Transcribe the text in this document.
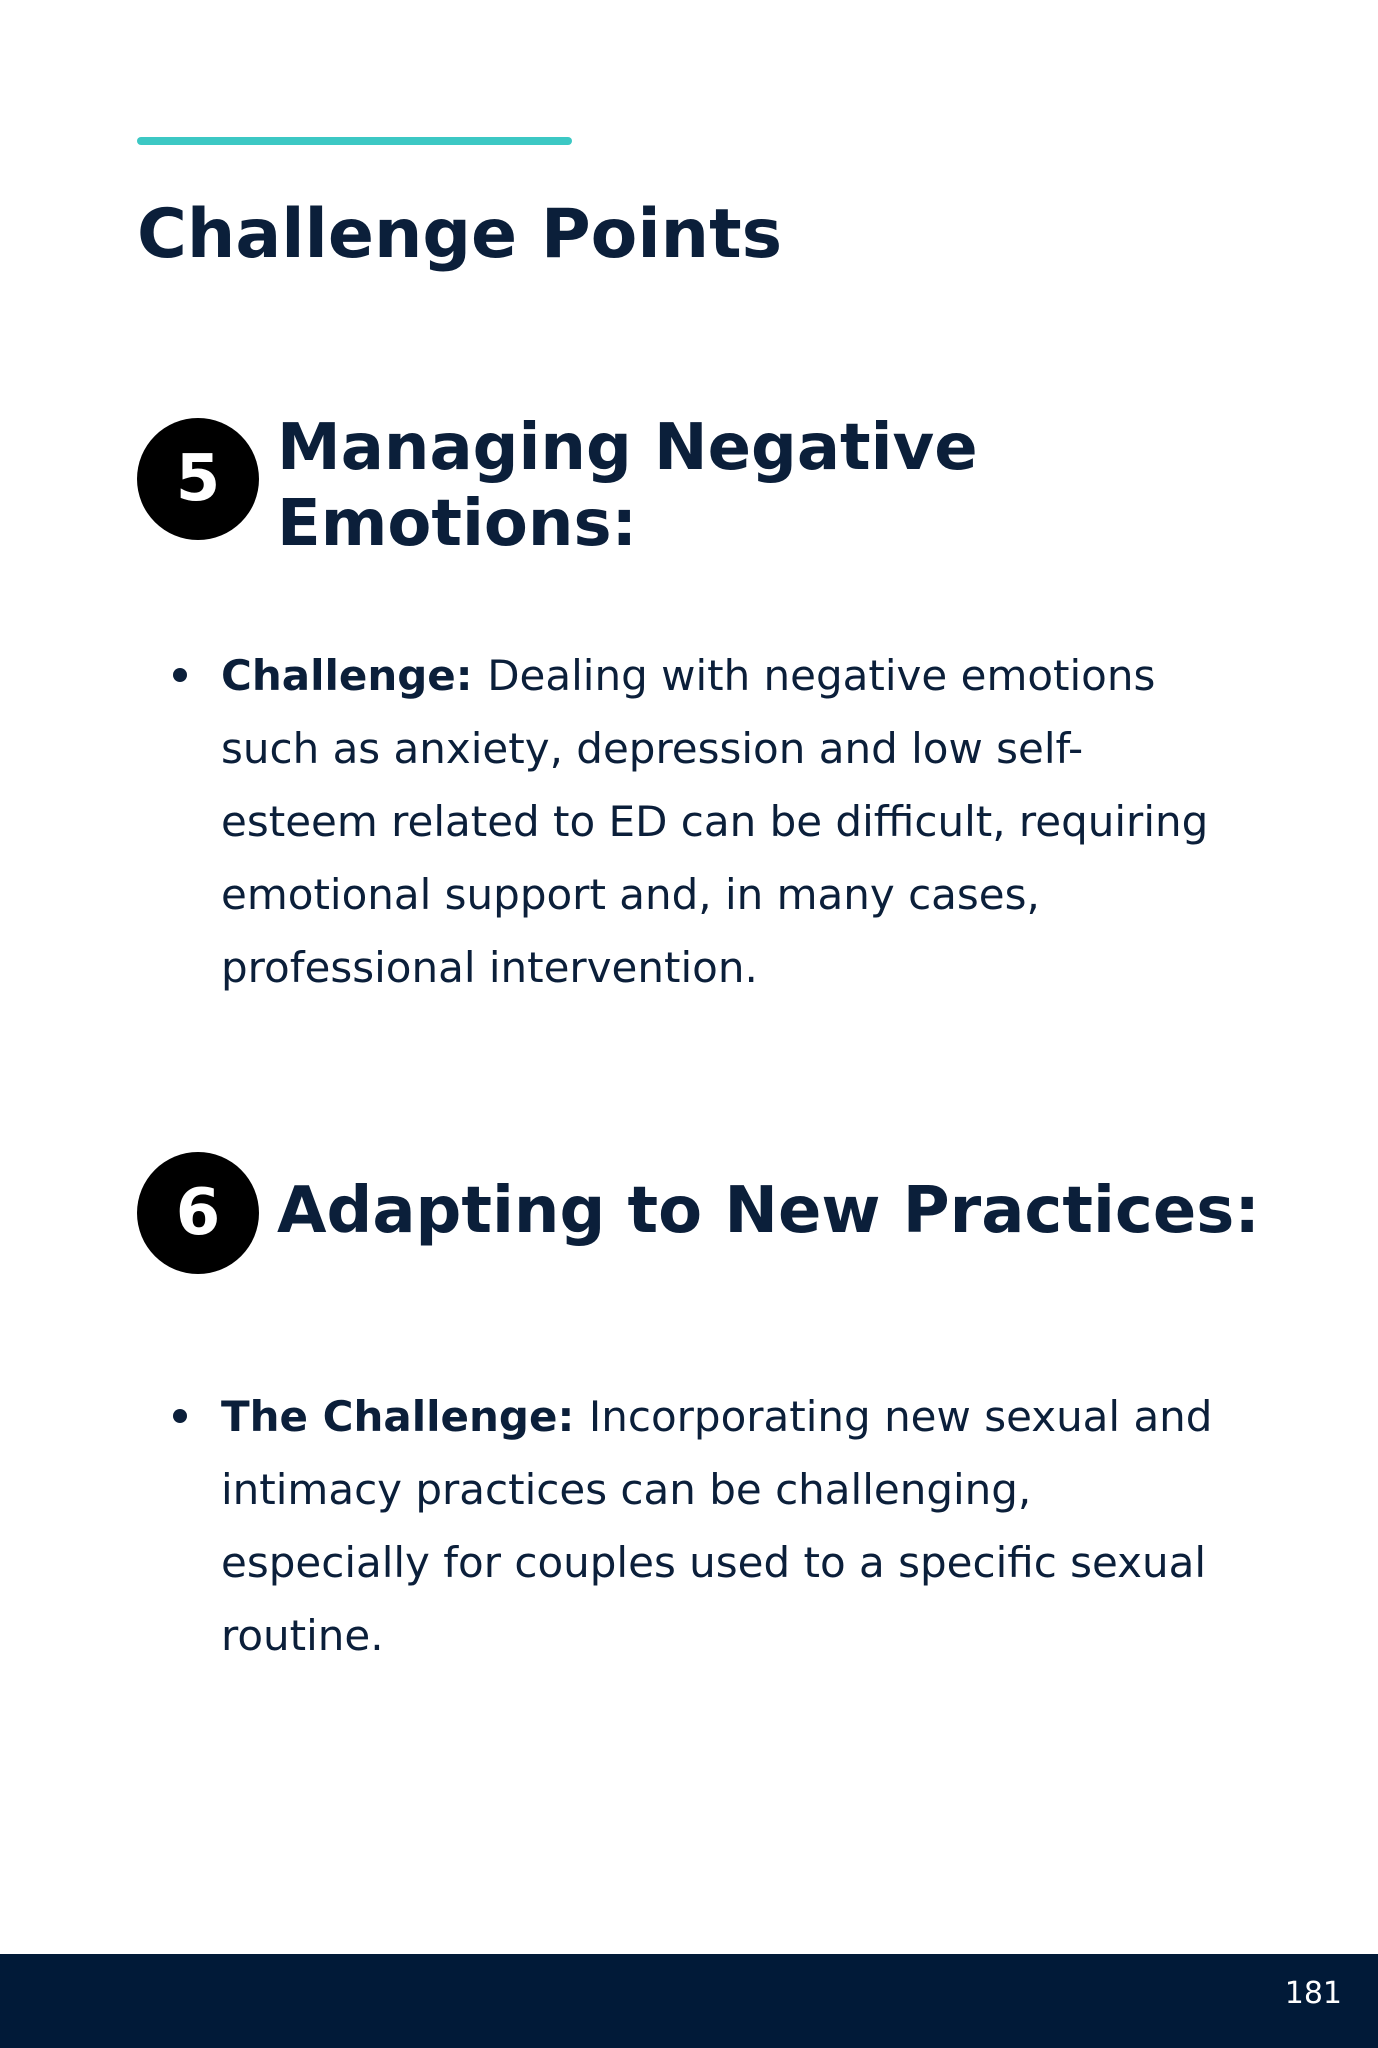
Challenge Points
5 Managing Negative Emotions:
Challenge: Dealing with negative emotions such as anxiety, depression and low self-esteem related to ED can be difficult, requiring emotional support and, in many cases, professional intervention.
6 Adapting to New Practices:
The Challenge: Incorporating new sexual and intimacy practices can be challenging, especially for couples used to a specific sexual routine.
181
